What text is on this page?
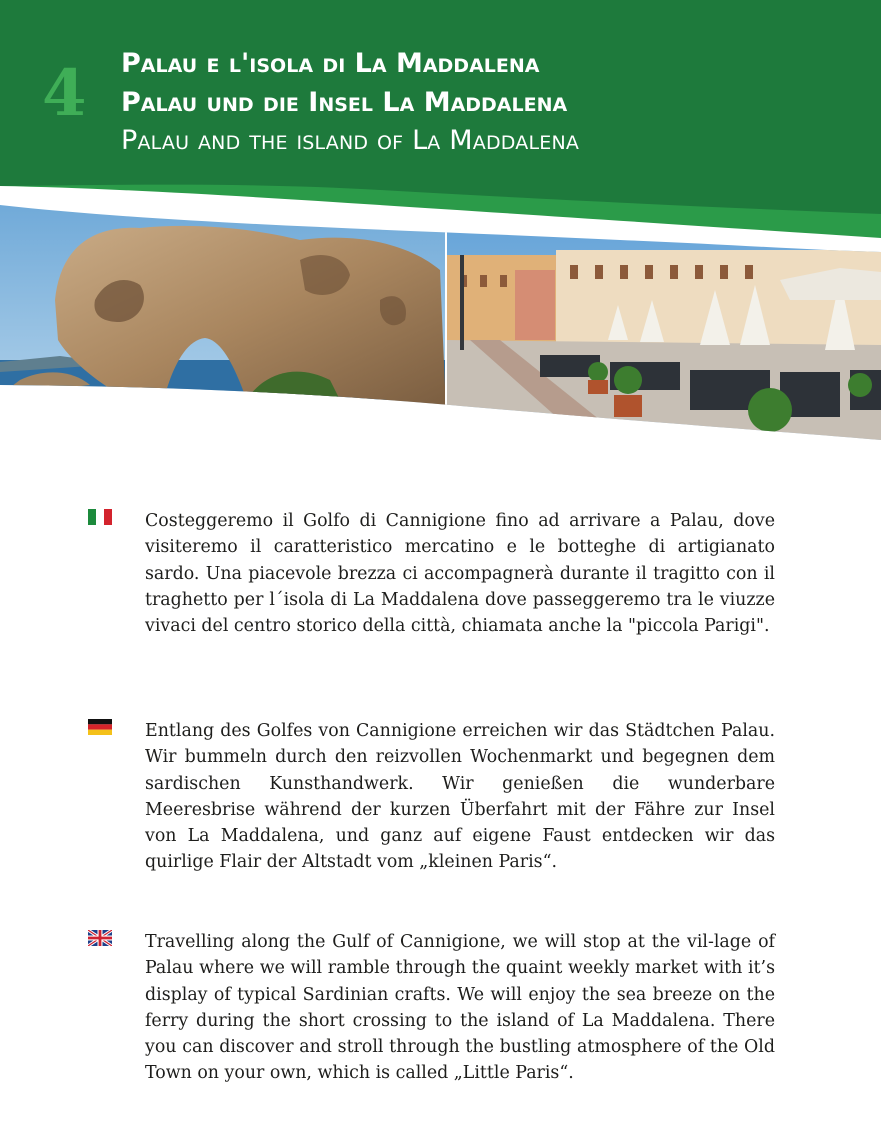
4 Palau e l'isola di La Maddalena
Palau und die Insel La Maddalena
Palau and the island of La Maddalena

Costeggeremo il Golfo di Cannigione fino ad arrivare a Palau, dove visiteremo il caratteristico mercatino e le botteghe di artigianato sardo. Una piacevole brezza ci accompagnerà durante il tragitto con il traghetto per l´isola di La Maddalena dove passeggeremo tra le viuzze vivaci del centro storico della città, chiamata anche la "piccola Parigi".

Entlang des Golfes von Cannigione erreichen wir das Städtchen Palau. Wir bummeln durch den reizvollen Wochenmarkt und begegnen dem sardischen Kunsthandwerk. Wir genießen die wunderbare Meeresbrise während der kurzen Überfahrt mit der Fähre zur Insel von La Maddalena, und ganz auf eigene Faust entdecken wir das quirlige Flair der Altstadt vom „kleinen Paris“.

Travelling along the Gulf of Cannigione, we will stop at the vil-lage of Palau where we will ramble through the quaint weekly market with it’s display of typical Sardinian crafts. We will enjoy the sea breeze on the ferry during the short crossing to the island of La Maddalena. There you can discover and stroll through the bustling atmosphere of the Old Town on your own, which is called „Little Paris“.
